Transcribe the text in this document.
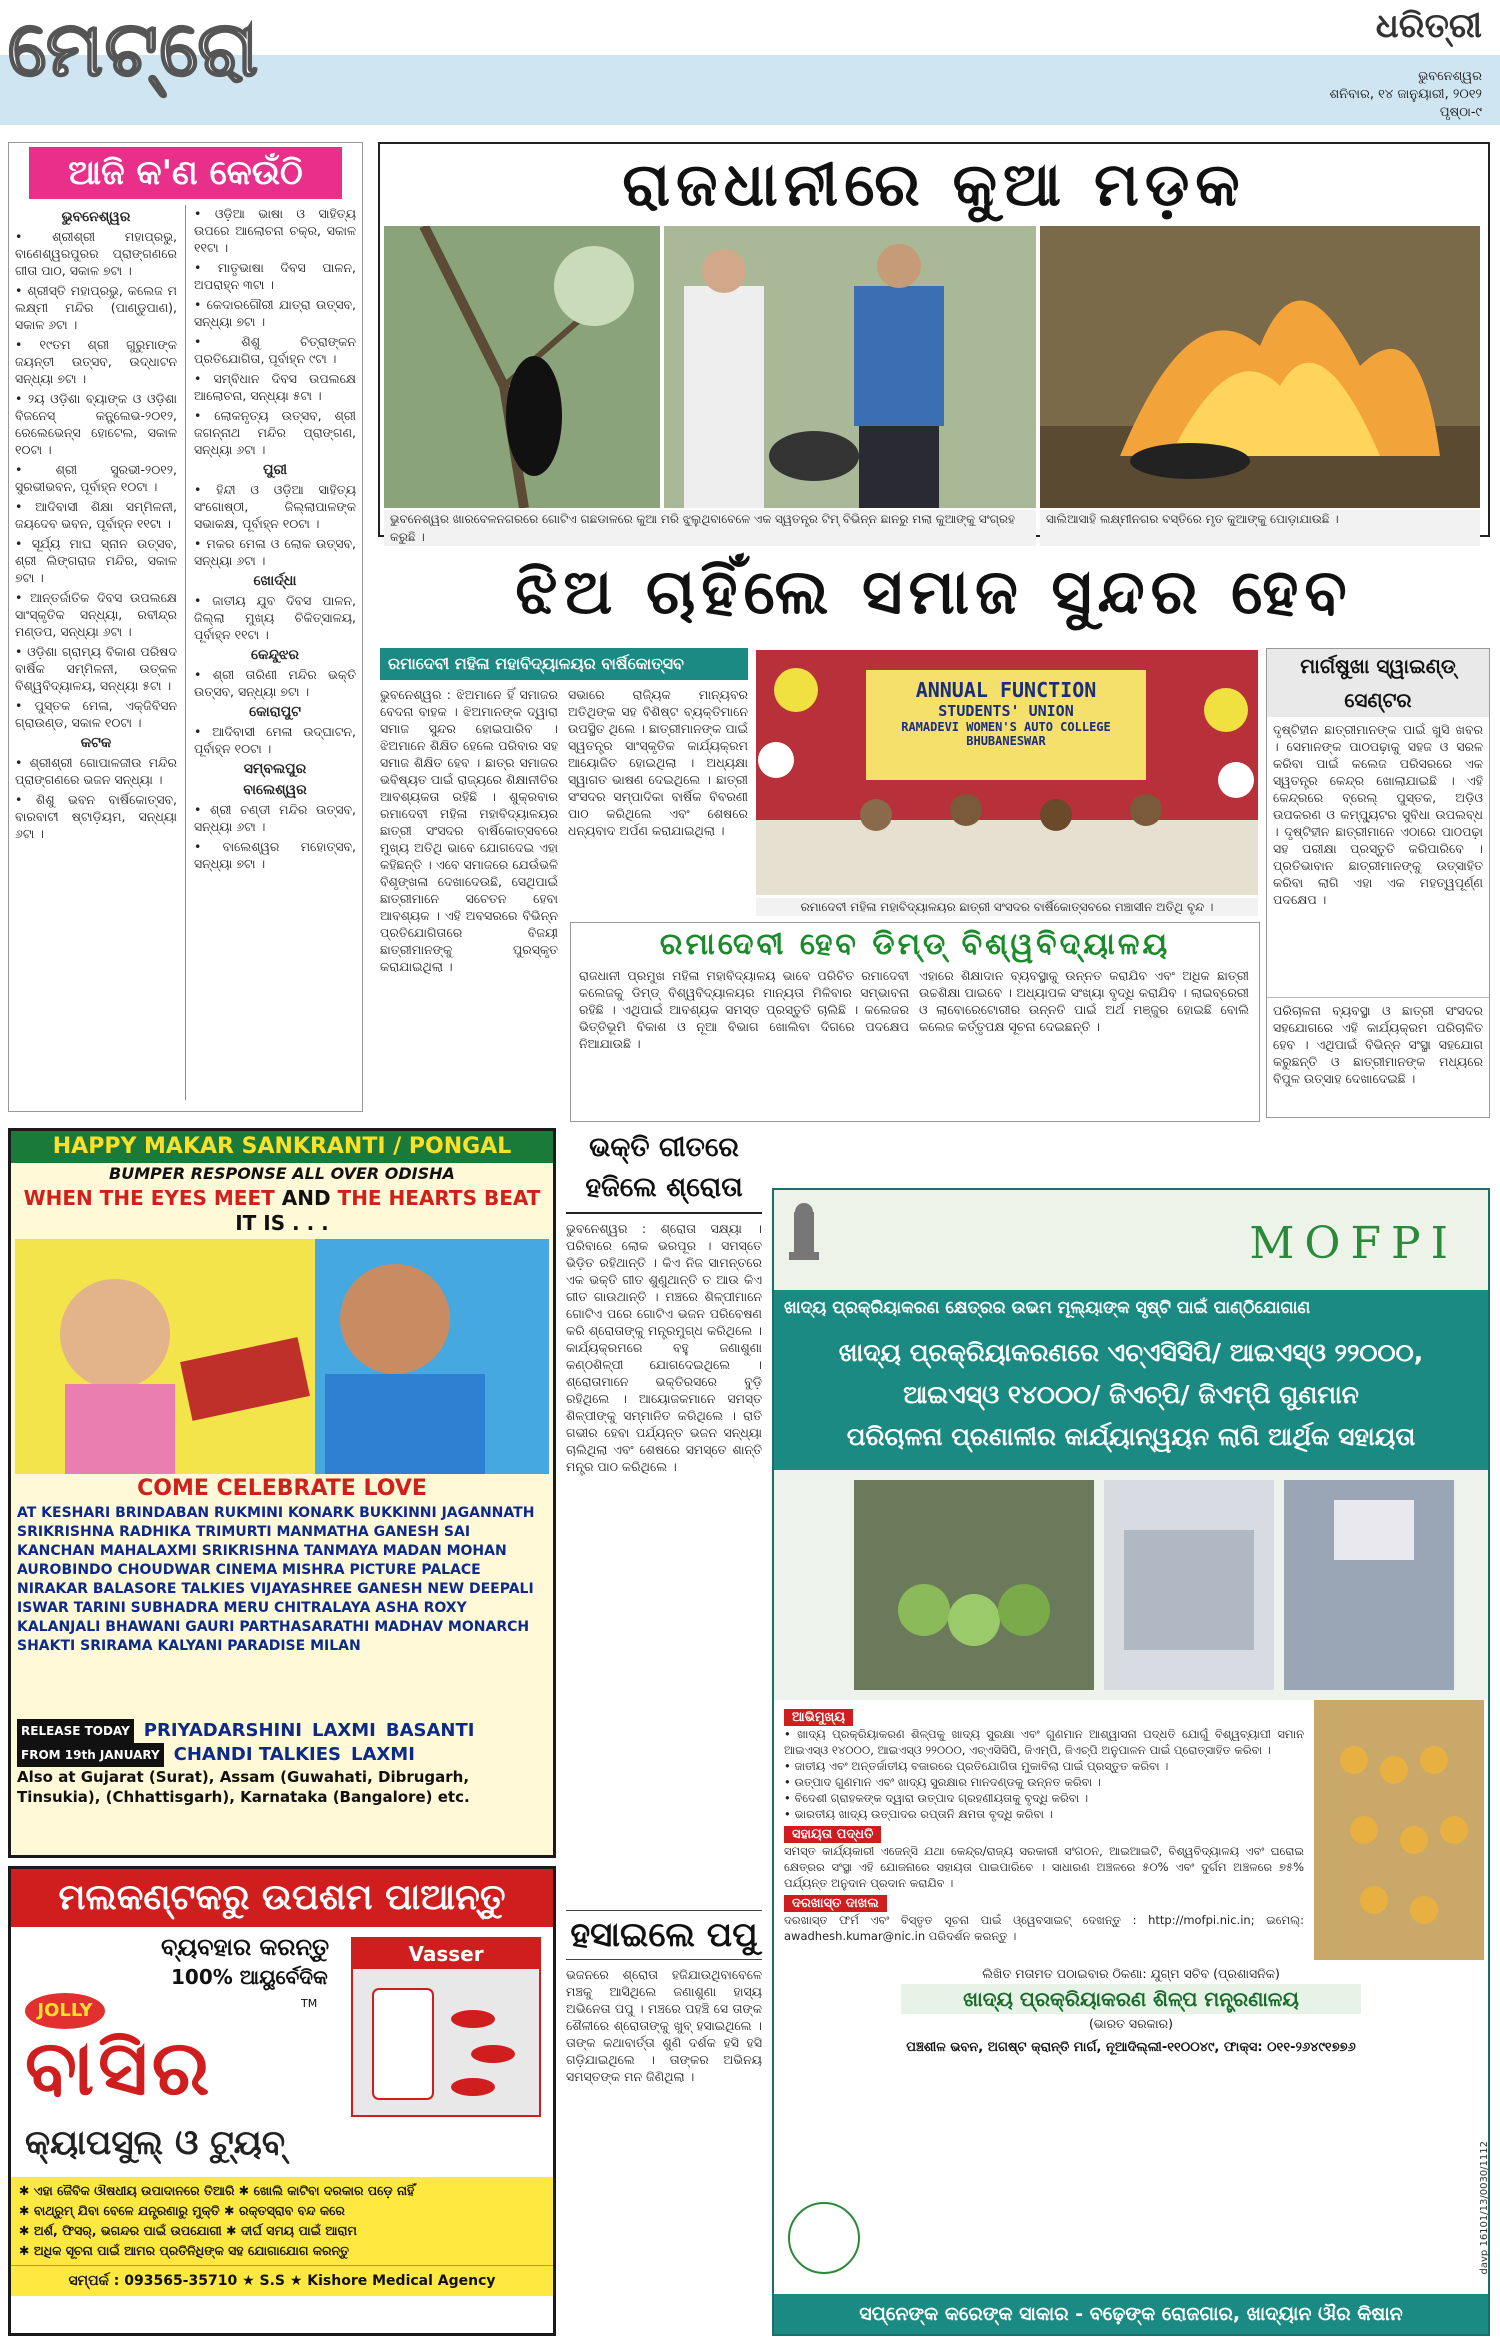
ମେଟ୍ରୋ	ଧରିତ୍ରୀ
ଭୁବନେଶ୍ୱର
ଶନିବାର, ୧୪ ଜାନୁୟାରୀ, ୨୦୧୨
ପୃଷ୍ଠା-୯
ଆଜି କ'ଣ କେଉଁଠି
ଭୁବନେଶ୍ୱର

• ଶ୍ରୀଶ୍ରୀ ମହାପ୍ରଭୁ, ବାଣେଶ୍ୱରପୁରର ପ୍ରାଙ୍ଗଣରେ ଗୀତା ପାଠ, ସକାଳ ୭ଟା ।

• ଶ୍ରୀସ୍ତି ମହାପ୍ରଭୁ, କଲେଜ ମ ଲକ୍ଷ୍ମୀ ମନ୍ଦିର (ପାଣ୍ଡୁପାଣ), ସକାଳ ୬ଟା ।

• ୧୯ତମ ଶ୍ରୀ ଗୁରୁମାଙ୍କ ଜୟନ୍ତୀ ଉତ୍ସବ, ଉଦ୍ଧାଟନ ସନ୍ଧ୍ୟା ୭ଟା ।

• ୨ୟ ଓଡ଼ିଶା ବ୍ୟାଙ୍କ ଓ ଓଡ଼ିଶା ବିଜନେସ୍ କନ୍ଫ୍ଲେଭ-୨୦୧୨, ରେଲେଭେନ୍ସ ହୋଟେଲ, ସକାଳ ୧୦ଟା ।

• ଶ୍ରୀ ସୁରଭୀ-୨୦୧୨, ସୁରଭୀଭବନ, ପୂର୍ବାହ୍ନ ୧୦ଟା ।

• ଆଦିବାସୀ ଶିକ୍ଷା ସମ୍ମିଳନୀ, ଜୟଦେବ ଭବନ, ପୂର୍ବାହ୍ନ ୧୧ଟା ।

• ସୂର୍ଯ୍ୟ ମାଘ ସ୍ନାନ ଉତ୍ସବ, ଶ୍ରୀ ଲିଙ୍ଗରାଜ ମନ୍ଦିର, ସକାଳ ୭ଟା ।

• ଆନ୍ତର୍ଜାତିକ ଦିବସ ଉପଲକ୍ଷେ ସାଂସ୍କୃତିକ ସନ୍ଧ୍ୟା, ରବୀନ୍ଦ୍ର ମଣ୍ଡପ, ସନ୍ଧ୍ୟା ୬ଟା ।

• ଓଡ଼ିଶା ଗ୍ରାମ୍ୟ ବିକାଶ ପରିଷଦ ବାର୍ଷିକ ସମ୍ମିଳନୀ, ଉତ୍କଳ ବିଶ୍ୱବିଦ୍ୟାଳୟ, ସନ୍ଧ୍ୟା ୫ଟା ।

• ପୁସ୍ତକ ମେଳା, ଏକ୍ଜିବିସନ ଗ୍ରାଉଣ୍ଡ, ସକାଳ ୧୦ଟା ।

କଟକ

• ଶ୍ରୀଶ୍ରୀ ଗୋପାଳଜୀଉ ମନ୍ଦିର ପ୍ରାଙ୍ଗଣରେ ଭଜନ ସନ୍ଧ୍ୟା ।

• ଶିଶୁ ଭବନ ବାର୍ଷିକୋତ୍ସବ, ବାରବାଟୀ ଷ୍ଟାଡ଼ିୟମ, ସନ୍ଧ୍ୟା ୬ଟା ।

• ଓଡ଼ିଆ ଭାଷା ଓ ସାହିତ୍ୟ ଉପରେ ଆଲୋଚନା ଚକ୍ର, ସକାଳ ୧୧ଟା ।

• ମାତୃଭାଷା ଦିବସ ପାଳନ, ଅପରାହ୍ନ ୩ଟା ।

• କେଦାରଗୌରୀ ଯାତ୍ରା ଉତ୍ସବ, ସନ୍ଧ୍ୟା ୭ଟା ।

• ଶିଶୁ ଚିତ୍ରାଙ୍କନ ପ୍ରତିଯୋଗିତା, ପୂର୍ବାହ୍ନ ୯ଟା ।

• ସମ୍ବିଧାନ ଦିବସ ଉପଲକ୍ଷେ ଆଲୋଚନା, ସନ୍ଧ୍ୟା ୫ଟା ।

• ଲୋକନୃତ୍ୟ ଉତ୍ସବ, ଶ୍ରୀ ଜଗନ୍ନାଥ ମନ୍ଦିର ପ୍ରାଙ୍ଗଣ, ସନ୍ଧ୍ୟା ୬ଟା ।

ପୁରୀ

• ହିନ୍ଦୀ ଓ ଓଡ଼ିଆ ସାହିତ୍ୟ ସଂଗୋଷ୍ଠୀ, ଜିଲ୍ଲାପାଳଙ୍କ ସଭାକକ୍ଷ, ପୂର୍ବାହ୍ନ ୧୦ଟା ।

• ମକର ମେଳା ଓ ଲୋକ ଉତ୍ସବ, ସନ୍ଧ୍ୟା ୬ଟା ।

ଖୋର୍ଦ୍ଧା

• ଜାତୀୟ ଯୁବ ଦିବସ ପାଳନ, ଜିଲ୍ଲା ମୁଖ୍ୟ ଚିକିତ୍ସାଳୟ, ପୂର୍ବାହ୍ନ ୧୧ଟା ।

କେନ୍ଦୁଝର

• ଶ୍ରୀ ତାରିଣୀ ମନ୍ଦିର ଭକ୍ତି ଉତ୍ସବ, ସନ୍ଧ୍ୟା ୭ଟା ।

କୋରାପୁଟ

• ଆଦିବାସୀ ମେଳା ଉଦ୍‌ଘାଟନ, ପୂର୍ବାହ୍ନ ୧୦ଟା ।

ସମ୍ବଲପୁର
ବାଲେଶ୍ୱର

• ଶ୍ରୀ ଚଣ୍ଡୀ ମନ୍ଦିର ଉତ୍ସବ, ସନ୍ଧ୍ୟା ୬ଟା ।

• ବାଲେଶ୍ୱର ମହୋତ୍ସବ, ସନ୍ଧ୍ୟା ୭ଟା ।

ରାଜଧାନୀରେ କୁଆ ମଡ଼କ
ଭୁବନେଶ୍ୱର ଖାରବେଳନଗରରେ ଗୋଟିଏ ଗଛଡାଳରେ କୁଆ ମରି ଝୁଲୁଥିବାବେଳେ ଏକ ସ୍ୱତନ୍ତ୍ର ଟିମ୍ ବିଭିନ୍ନ ଛାନରୁ ମଲା କୁଆଙ୍କୁ ସଂଗ୍ରହ କରୁଛି ।
ସାଲିଆସାହି ଲକ୍ଷ୍ମୀନଗର ବସ୍ତିରେ ମୃତ କୁଆଙ୍କୁ ପୋଡ଼ାଯାଉଛି ।
ଝିଅ ଚାହିଁଲେ ସମାଜ ସୁନ୍ଦର ହେବ
ରମାଦେବୀ ମହିଳା ମହାବିଦ୍ୟାଳୟର ବାର୍ଷିକୋତ୍ସବ
ଭୁବନେଶ୍ୱର : ଝିଅମାନେ ହିଁ ସମାଜର ବେଦନା ବାହକ । ଝିଅମାନଙ୍କ ଦ୍ୱାରା ସମାଜ ସୁନ୍ଦର ହୋଇପାରିବ । ଝିଅମାନେ ଶିକ୍ଷିତ ହେଲେ ପରିବାର ସହ ସମାଜ ଶିକ୍ଷିତ ହେବ । ଛାତ୍ର ସମାଜର ଭବିଷ୍ୟତ ପାଇଁ ରାଜ୍ୟରେ ଶିକ୍ଷାନୀତିର ଆବଶ୍ୟକତା ରହିଛି । ଶୁକ୍ରବାର ରମାଦେବୀ ମହିଳା ମହାବିଦ୍ୟାଳୟର ଛାତ୍ରୀ ସଂସଦର ବାର୍ଷିକୋତ୍ସବରେ ମୁଖ୍ୟ ଅତିଥି ଭାବେ ଯୋଗଦେଇ ଏହା କହିଛନ୍ତି । ଏବେ ସମାଜରେ ଯେଉଁଭଳି ବିଶୃଙ୍ଖଳା ଦେଖାଦେଉଛି, ସେଥିପାଇଁ ଛାତ୍ରୀମାନେ ସଚେତନ ହେବା ଆବଶ୍ୟକ । ଏହି ଅବସରରେ ବିଭିନ୍ନ ପ୍ରତିଯୋଗିତାରେ ବିଜୟୀ ଛାତ୍ରୀମାନଙ୍କୁ ପୁରସ୍କୃତ କରାଯାଇଥିଲା ।
ସଭାରେ ରାଜ୍ୟିକ ମାନ୍ୟବର ଅତିଥିଙ୍କ ସହ ବିଶିଷ୍ଟ ବ୍ୟକ୍ତିମାନେ ଉପସ୍ଥିତ ଥିଲେ । ଛାତ୍ରୀମାନଙ୍କ ପାଇଁ ସ୍ୱତନ୍ତ୍ର ସାଂସ୍କୃତିକ କାର୍ଯ୍ୟକ୍ରମ ଆୟୋଜିତ ହୋଇଥିଲା । ଅଧ୍ୟକ୍ଷା ସ୍ୱାଗତ ଭାଷଣ ଦେଇଥିଲେ । ଛାତ୍ରୀ ସଂସଦର ସମ୍ପାଦିକା ବାର୍ଷିକ ବିବରଣୀ ପାଠ କରିଥିଲେ ଏବଂ ଶେଷରେ ଧନ୍ୟବାଦ ଅର୍ପଣ କରାଯାଇଥିଲା ।
ANNUAL FUNCTION
STUDENTS' UNION
RAMADEVI WOMEN'S AUTO COLLEGE
BHUBANESWAR
ରମାଦେବୀ ମହିଳା ମହାବିଦ୍ୟାଳୟର ଛାତ୍ରୀ ସଂସଦର ବାର୍ଷିକୋତ୍ସବରେ ମଞ୍ଚାସୀନ ଅତିଥି ବୃନ୍ଦ ।
ରମାଦେବୀ ହେବ ଡିମ୍‌ଡ୍ ବିଶ୍ୱବିଦ୍ୟାଳୟ
ରାଜଧାନୀ ପ୍ରମୁଖ ମହିଳା ମହାବିଦ୍ୟାଳୟ ଭାବେ ପରିଚିତ ରମାଦେବୀ କଲେଜକୁ ଡିମ୍‌ଡ୍ ବିଶ୍ୱବିଦ୍ୟାଳୟର ମାନ୍ୟତା ମିଳିବାର ସମ୍ଭାବନା ରହିଛି । ଏଥିପାଇଁ ଆବଶ୍ୟକ ସମସ୍ତ ପ୍ରସ୍ତୁତି ଚାଲିଛି । କଲେଜର ଭିତ୍ତିଭୂମି ବିକାଶ ଓ ନୂଆ ବିଭାଗ ଖୋଲିବା ଦିଗରେ ପଦକ୍ଷେପ ନିଆଯାଉଛି ।
ଏହାରେ ଶିକ୍ଷାଦାନ ବ୍ୟବସ୍ଥାକୁ ଉନ୍ନତ କରାଯିବ ଏବଂ ଅଧିକ ଛାତ୍ରୀ ଉଚ୍ଚଶିକ୍ଷା ପାଇବେ । ଅଧ୍ୟାପକ ସଂଖ୍ୟା ବୃଦ୍ଧି କରାଯିବ । ଲାଇବ୍ରେରୀ ଓ ଲାବୋରେଟୋରୀର ଉନ୍ନତି ପାଇଁ ଅର୍ଥ ମଞ୍ଜୁର ହୋଇଛି ବୋଲି କଲେଜ କର୍ତ୍ତୃପକ୍ଷ ସୂଚନା ଦେଇଛନ୍ତି ।
ମାର୍ଗଷୁଖା ସ୍ୱାଇଣ୍ଡ୍ ସେଣ୍ଟର
ଦୃଷ୍ଟିହୀନ ଛାତ୍ରୀମାନଙ୍କ ପାଇଁ ଖୁସି ଖବର । ସେମାନଙ୍କ ପାଠପଢ଼ାକୁ ସହଜ ଓ ସରଳ କରିବା ପାଇଁ କଲେଜ ପରିସରରେ ଏକ ସ୍ୱତନ୍ତ୍ର କେନ୍ଦ୍ର ଖୋଲାଯାଇଛି । ଏହି କେନ୍ଦ୍ରରେ ବ୍ରେଲ୍ ପୁସ୍ତକ, ଅଡ଼ିଓ ଉପକରଣ ଓ କମ୍ପ୍ୟୁଟର ସୁବିଧା ଉପଲବ୍ଧ । ଦୃଷ୍ଟିହୀନ ଛାତ୍ରୀମାନେ ଏଠାରେ ପାଠପଢ଼ା ସହ ପରୀକ୍ଷା ପ୍ରସ୍ତୁତି କରିପାରିବେ । ପ୍ରତିଭାବାନ ଛାତ୍ରୀମାନଙ୍କୁ ଉତ୍ସାହିତ କରିବା ଲାଗି ଏହା ଏକ ମହତ୍ୱପୂର୍ଣ୍ଣ ପଦକ୍ଷେପ ।
ପରିଚାଳନା ବ୍ୟବସ୍ଥା ଓ ଛାତ୍ରୀ ସଂସଦର ସହଯୋଗରେ ଏହି କାର୍ଯ୍ୟକ୍ରମ ପରିଚାଳିତ ହେବ । ଏଥିପାଇଁ ବିଭିନ୍ନ ସଂସ୍ଥା ସହଯୋଗ କରୁଛନ୍ତି ଓ ଛାତ୍ରୀମାନଙ୍କ ମଧ୍ୟରେ ବିପୁଳ ଉତ୍ସାହ ଦେଖାଦେଇଛି ।
HAPPY MAKAR SANKRANTI / PONGAL
BUMPER RESPONSE ALL OVER ODISHA
WHEN THE EYES MEET AND THE HEARTS BEAT
IT IS . . .
COME CELEBRATE LOVE
AT KESHARI BRINDABAN RUKMINI KONARK BUKKINNI JAGANNATH SRIKRISHNA RADHIKA TRIMURTI MANMATHA GANESH SAI KANCHAN MAHALAXMI SRIKRISHNA TANMAYA MADAN MOHAN AUROBINDO CHOUDWAR CINEMA MISHRA PICTURE PALACE NIRAKAR BALASORE TALKIES VIJAYASHREE GANESH NEW DEEPALI ISWAR TARINI SUBHADRA MERU CHITRALAYA ASHA ROXY KALANJALI BHAWANI GAURI PARTHASARATHI MADHAV MONARCH SHAKTI SRIRAMA KALYANI PARADISE MILAN
RELEASE TODAY PRIYADARSHINI LAXMI BASANTI
FROM 19th JANUARY CHANDI TALKIES LAXMI
Also at Gujarat (Surat), Assam (Guwahati, Dibrugarh, Tinsukia), (Chhattisgarh), Karnataka (Bangalore) etc.
ଭକ୍ତି ଗୀତରେ ହଜିଲେ ଶ୍ରୋତା
ଭୁବନେଶ୍ୱର : ଶ୍ରୋତା ସକ୍ଷ୍ୟା । ପରିବାରେ ଲୋକ ଭରପୂର । ସମସ୍ତେ ଭିଡ଼ିତ ରହିଥାନ୍ତି । କିଏ ନିଜ ସାମନ୍ତରେ ଏକ ଭକ୍ତି ଗୀତ ଶୁଣୁଥାନ୍ତି ତ ଆଉ କିଏ ଗୀତ ଗାଉଥାନ୍ତି । ମଞ୍ଚରେ ଶିଳ୍ପୀମାନେ ଗୋଟିଏ ପରେ ଗୋଟିଏ ଭଜନ ପରିବେଷଣ କରି ଶ୍ରୋତାଙ୍କୁ ମନ୍ତ୍ରମୁଗ୍ଧ କରିଥିଲେ । କାର୍ଯ୍ୟକ୍ରମରେ ବହୁ ଜଣାଶୁଣା କଣ୍ଠଶିଳ୍ପୀ ଯୋଗଦେଇଥିଲେ । ଶ୍ରୋତାମାନେ ଭକ୍ତିରସରେ ବୁଡ଼ି ରହିଥିଲେ । ଆୟୋଜକମାନେ ସମସ୍ତ ଶିଳ୍ପୀଙ୍କୁ ସମ୍ମାନିତ କରିଥିଲେ । ରାତି ଗଭୀର ହେବା ପର୍ଯ୍ୟନ୍ତ ଭଜନ ସନ୍ଧ୍ୟା ଚାଲିଥିଲା ଏବଂ ଶେଷରେ ସମସ୍ତେ ଶାନ୍ତି ମନ୍ତ୍ର ପାଠ କରିଥିଲେ ।
ହସାଇଲେ ପପୁ
ଭଜନରେ ଶ୍ରୋତା ହଜିଯାଉଥିବାବେଳେ ମଞ୍ଚକୁ ଆସିଥିଲେ ଜଣାଶୁଣା ହାସ୍ୟ ଅଭିନେତା ପପୁ । ମଞ୍ଚରେ ପହଞ୍ଚି ସେ ତାଙ୍କ ଶୈଳୀରେ ଶ୍ରୋତାଙ୍କୁ ଖୁବ୍ ହସାଇଥିଲେ । ତାଙ୍କ କଥାବାର୍ତ୍ତା ଶୁଣି ଦର୍ଶକ ହସି ହସି ଗଡ଼ିଯାଇଥିଲେ । ତାଙ୍କର ଅଭିନୟ ସମସ୍ତଙ୍କ ମନ ଜିଣିଥିଲା ।
ମଲକଣ୍ଟକରୁ ଉପଶମ ପାଆନ୍ତୁ
ବ୍ୟବହାର କରନ୍ତୁ
100% ଆୟୁର୍ବେଦିକ
JOLLY
ବାସିର
TM
କ୍ୟାପସୁଲ୍ ଓ ଟ୍ୟୁବ୍
Vasser
✱ ଏହା ଜୈବିକ ଔଷଧୀୟ ଉପାଦାନରେ ତିଆରି ✱ ଖୋଲି କାଟିବା ଦରକାର ପଡ଼େ ନାହିଁ
✱ ବାଥ୍‌ରୁମ୍ ଯିବା ବେଳେ ଯନ୍ତ୍ରଣାରୁ ମୁକ୍ତି ✱ ରକ୍ତସ୍ରାବ ବନ୍ଦ କରେ
✱ ଅର୍ଶ, ଫିସର୍, ଭଗନ୍ଦର ପାଇଁ ଉପଯୋଗୀ ✱ ଦୀର୍ଘ ସମୟ ପାଇଁ ଆରାମ
✱ ଅଧିକ ସୂଚନା ପାଇଁ ଆମର ପ୍ରତିନିଧିଙ୍କ ସହ ଯୋଗାଯୋଗ କରନ୍ତୁ
ସମ୍ପର୍କ : 093565-35710 ★ S.S ★ Kishore Medical Agency
MOFPI
ଖାଦ୍ୟ ପ୍ରକ୍ରିୟାକରଣ କ୍ଷେତ୍ରର ଉଭମ ମୂଲ୍ୟାଙ୍କ ସୃଷ୍ଟି ପାଇଁ ପାଣ୍ଠିଯୋଗାଣ
ଖାଦ୍ୟ ପ୍ରକ୍ରିୟାକରଣରେ ଏଚ୍‌ଏସିସିପି/ ଆଇଏସ୍‌ଓ ୨୨୦୦୦,
ଆଇଏସ୍‌ଓ ୧୪୦୦୦/ ଜିଏଚ୍‌ପି/ ଜିଏମ୍‌ପି ଗୁଣମାନ
ପରିଚାଳନା ପ୍ରଣାଳୀର କାର୍ଯ୍ୟାନ୍ୱୟନ ଲାଗି ଆର୍ଥିକ ସହାୟତା
ଆଭିମୁଖ୍ୟ
• ଖାଦ୍ୟ ପ୍ରକ୍ରିୟାକରଣ ଶିଳ୍ପକୁ ଖାଦ୍ୟ ସୁରକ୍ଷା ଏବଂ ଗୁଣମାନ ଆଶ୍ୱାସନା ପଦ୍ଧତି ଯୋଗୁଁ ବିଶ୍ୱବ୍ୟାପୀ ସମାନ ଆଇଏସ୍‌ଓ ୧୪୦୦୦, ଆଇଏସ୍‌ଓ ୨୨୦୦୦, ଏଚ୍‌ଏସିସିପି, ଜିଏମ୍‌ପି, ଜିଏଚ୍‌ପି ଅନୁପାଳନ ପାଇଁ ପ୍ରୋତ୍ସାହିତ କରିବା ।
• ଜାତୀୟ ଏବଂ ଅନ୍ତର୍ଜାତୀୟ ବଜାରରେ ପ୍ରତିଯୋଗିତା ମୁକାବିଲା ପାଇଁ ପ୍ରସ୍ତୁତ କରିବା ।
• ଉତ୍ପାଦ ଗୁଣମାନ ଏବଂ ଖାଦ୍ୟ ସୁରକ୍ଷାର ମାନଦଣ୍ଡକୁ ଉନ୍ନତ କରିବା ।
• ବିଦେଶୀ ଗ୍ରାହକଙ୍କ ଦ୍ୱାରା ଉତ୍ପାଦ ଗ୍ରହଣୀୟତାକୁ ବୃଦ୍ଧି କରିବା ।
• ଭାରତୀୟ ଖାଦ୍ୟ ଉତ୍ପାଦର ରପ୍ତାନି କ୍ଷମତା ବୃଦ୍ଧି କରିବା ।
ସହାୟତା ପଦ୍ଧତି
ସମସ୍ତ କାର୍ଯ୍ୟକାରୀ ଏଜେନ୍ସି ଯଥା କେନ୍ଦ୍ର/ରାଜ୍ୟ ସରକାରୀ ସଂଗଠନ, ଆଇଆଇଟି, ବିଶ୍ୱବିଦ୍ୟାଳୟ ଏବଂ ଘରୋଇ କ୍ଷେତ୍ରର ସଂସ୍ଥା ଏହି ଯୋଜନାରେ ସହାୟତା ପାଇପାରିବେ । ସାଧାରଣ ଅଞ୍ଚଳରେ ୫୦% ଏବଂ ଦୁର୍ଗମ ଅଞ୍ଚଳରେ ୭୫% ପର୍ଯ୍ୟନ୍ତ ଅନୁଦାନ ପ୍ରଦାନ କରାଯିବ ।
ଦରଖାସ୍ତ ଦାଖଲ
ଦରଖାସ୍ତ ଫର୍ମ ଏବଂ ବିସ୍ତୃତ ସୂଚନା ପାଇଁ ଓ୍ୱେବସାଇଟ୍ ଦେଖନ୍ତୁ : http://mofpi.nic.in; ଇମେଲ୍: awadhesh.kumar@nic.in ପରିଦର୍ଶନ କରନ୍ତୁ ।
ଲିଖିତ ମତାମତ ପଠାଇବାର ଠିକଣା: ଯୁଗ୍ମ ସଚିବ (ପ୍ରଶାସନିକ)
ଖାଦ୍ୟ ପ୍ରକ୍ରିୟାକରଣ ଶିଳ୍ପ ମନ୍ତ୍ରଣାଳୟ
(ଭାରତ ସରକାର)
ପଞ୍ଚଶୀଳ ଭବନ, ଅଗଷ୍ଟ କ୍ରାନ୍ତି ମାର୍ଗ, ନୂଆଦିଲ୍ଲୀ-୧୧୦୦୪୯, ଫାକ୍ସ: ୦୧୧-୨୬୪୯୧୭୭୬
davp 16101/13/0030/1112
ସପ୍ନେଙ୍କ କରେଙ୍କ ସାକାର - ବଢ଼େଙ୍କ ରୋଜଗାର, ଖାଦ୍ୟାନ ଔର କିଷାନ
